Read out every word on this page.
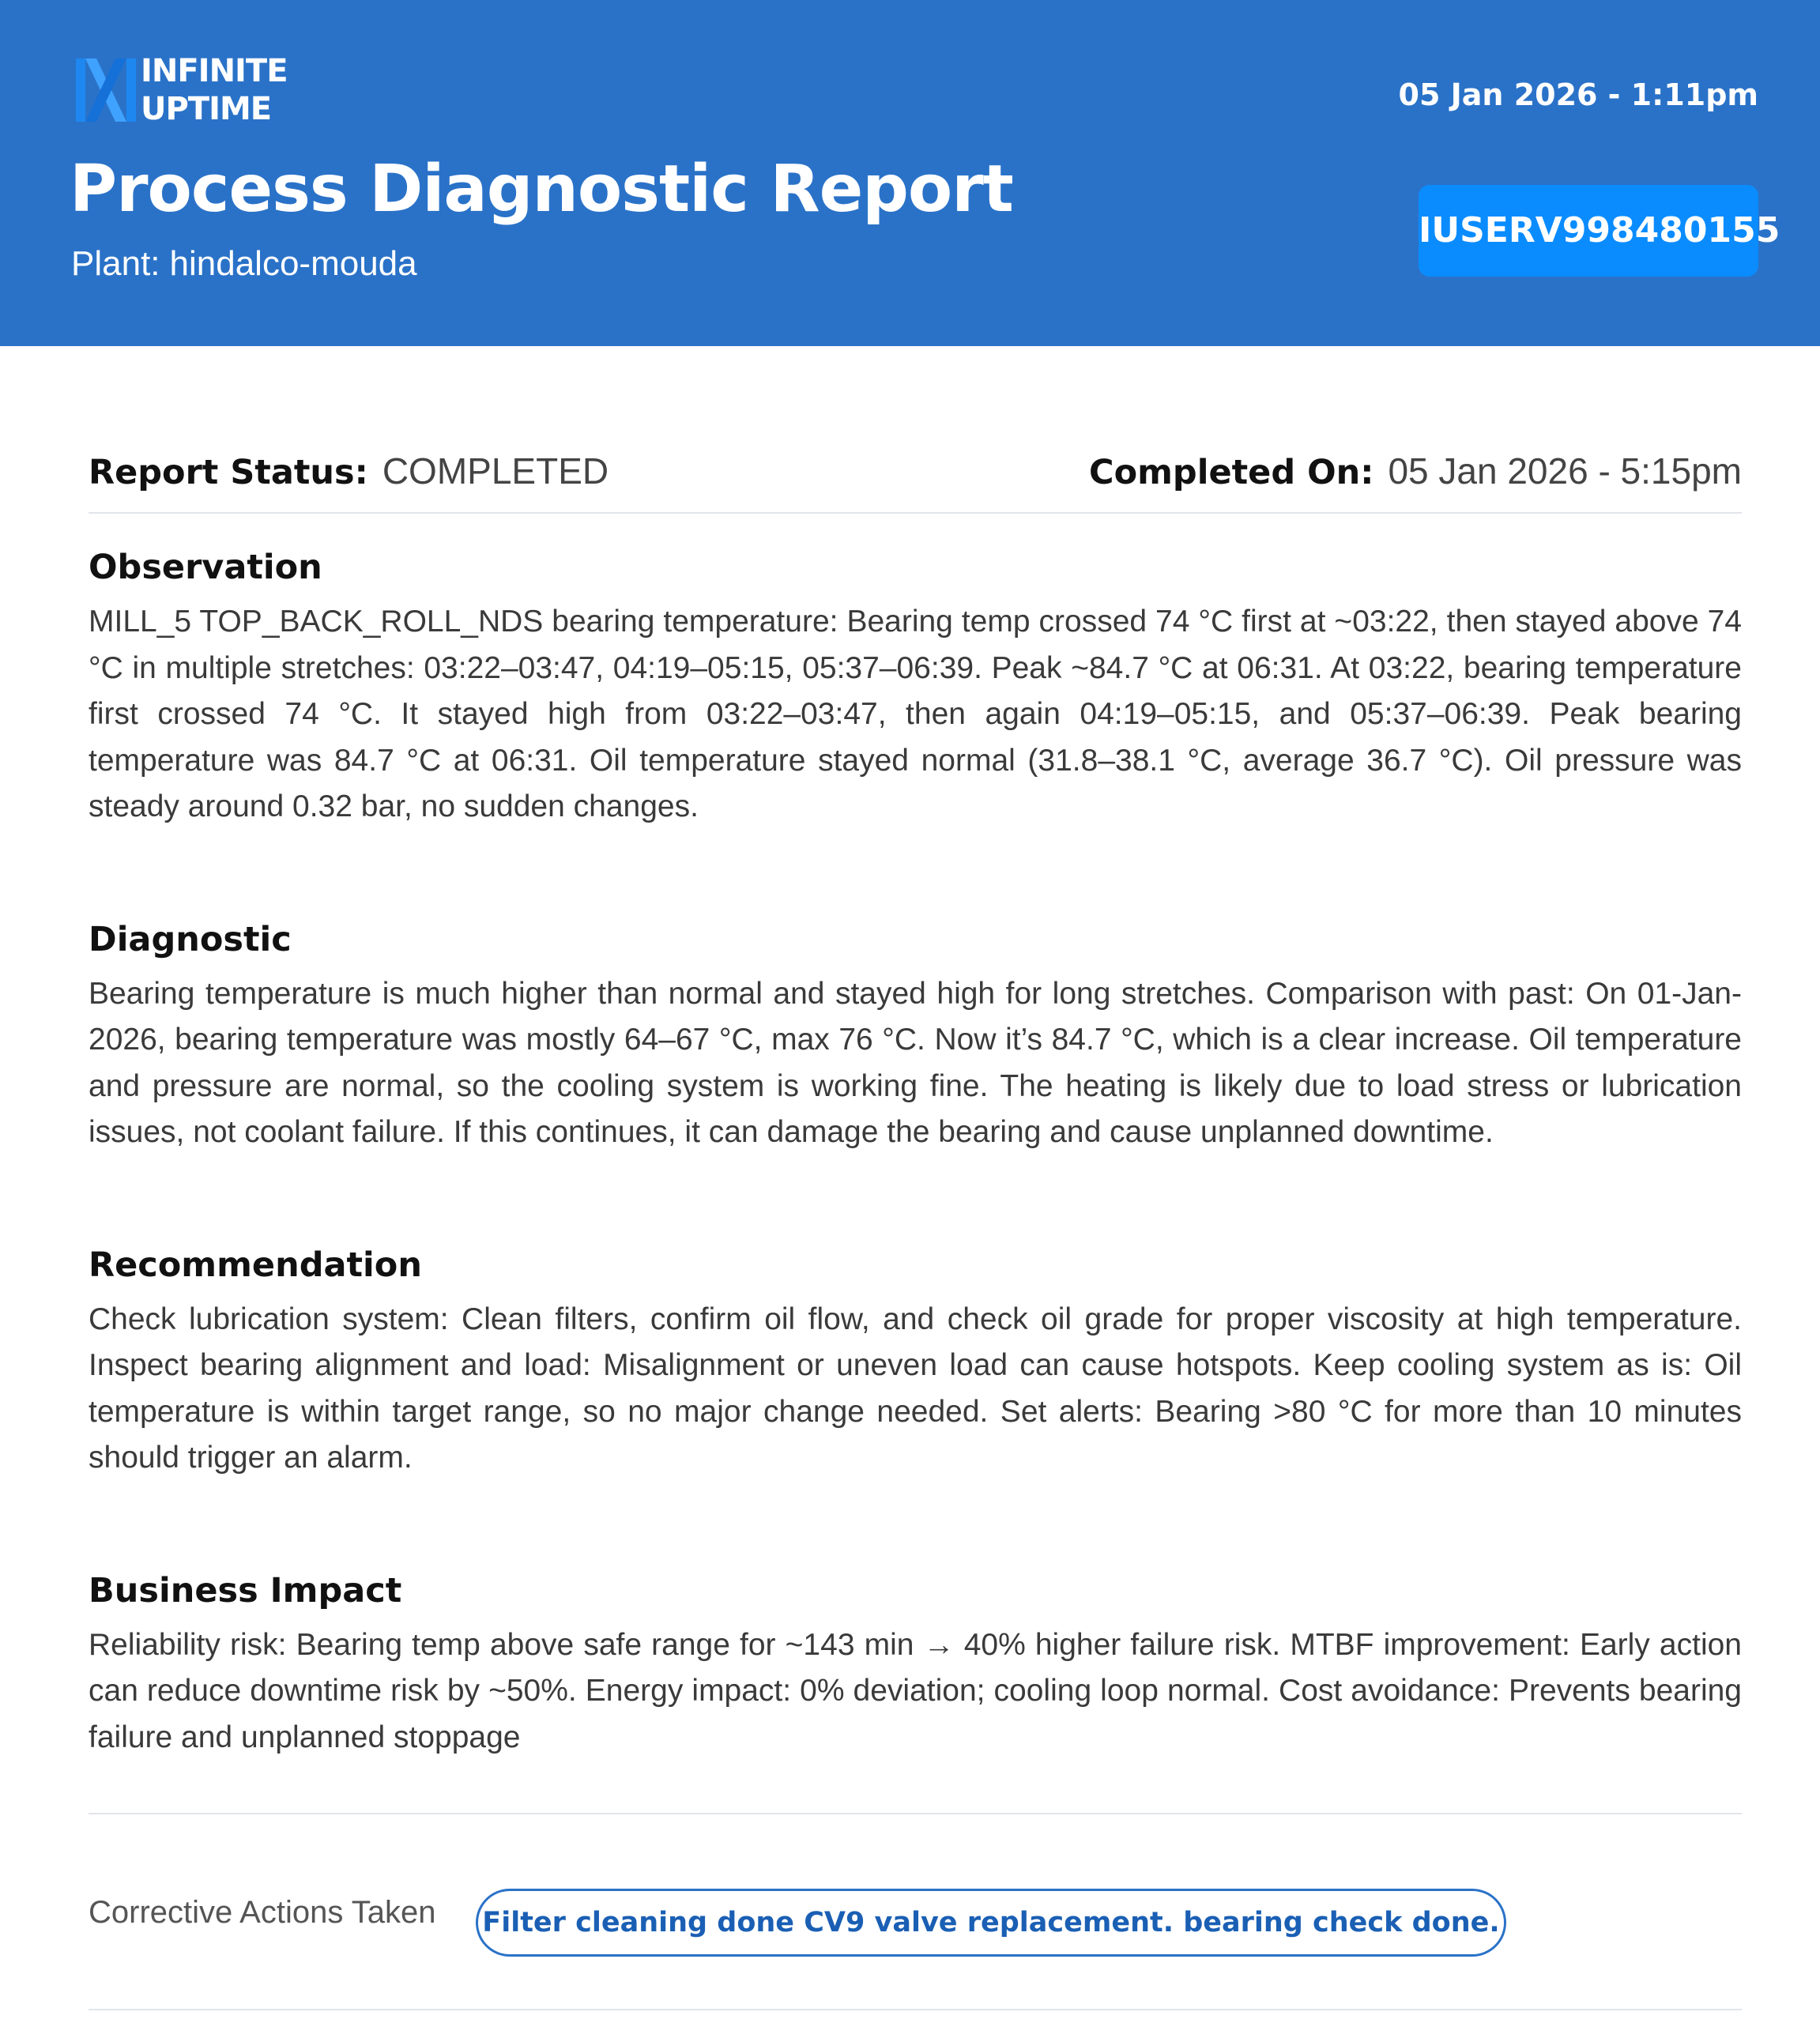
INFINITE
UPTIME
Process Diagnostic Report
Plant: hindalco-mouda
05 Jan 2026 - 1:11pm
IUSERV998480155
Report Status: COMPLETED	Completed On: 05 Jan 2026 - 5:15pm
Observation
MILL_5 TOP_BACK_ROLL_NDS bearing temperature: Bearing temp crossed 74 °C first at ~03:22, then stayed above 74 °C in multiple stretches: 03:22–03:47, 04:19–05:15, 05:37–06:39. Peak ~84.7 °C at 06:31. At 03:22, bearing temperature first crossed 74 °C. It stayed high from 03:22–03:47, then again 04:19–05:15, and 05:37–06:39. Peak bearing temperature was 84.7 °C at 06:31. Oil temperature stayed normal (31.8–38.1 °C, average 36.7 °C). Oil pressure was steady around 0.32 bar, no sudden changes.
Diagnostic
Bearing temperature is much higher than normal and stayed high for long stretches. Comparison with past: On 01-Jan-2026, bearing temperature was mostly 64–67 °C, max 76 °C. Now it’s 84.7 °C, which is a clear increase. Oil temperature and pressure are normal, so the cooling system is working fine. The heating is likely due to load stress or lubrication issues, not coolant failure. If this continues, it can damage the bearing and cause unplanned downtime.
Recommendation
Check lubrication system: Clean filters, confirm oil flow, and check oil grade for proper viscosity at high temperature. Inspect bearing alignment and load: Misalignment or uneven load can cause hotspots. Keep cooling system as is: Oil temperature is within target range, so no major change needed. Set alerts: Bearing >80 °C for more than 10 minutes should trigger an alarm.
Business Impact
Reliability risk: Bearing temp above safe range for ~143 min → 40% higher failure risk. MTBF improvement: Early action can reduce downtime risk by ~50%. Energy impact: 0% deviation; cooling loop normal. Cost avoidance: Prevents bearing failure and unplanned stoppage
Corrective Actions Taken Filter cleaning done CV9 valve replacement. bearing check done.
